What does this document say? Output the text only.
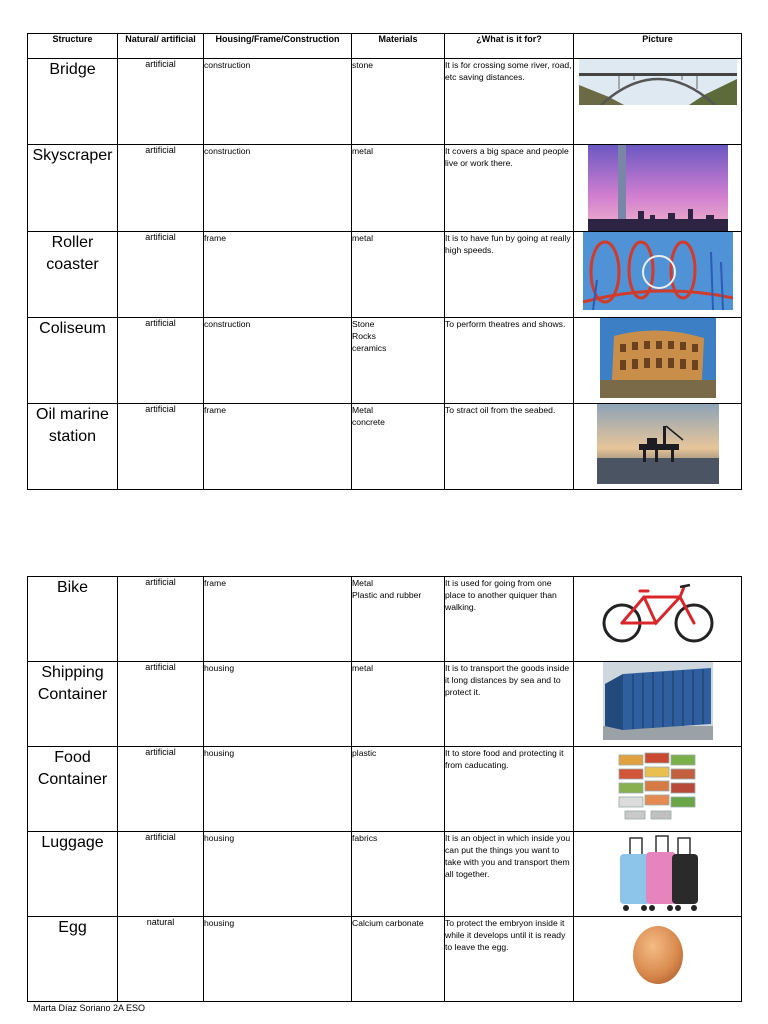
Structure	Natural/ artificial	Housing/Frame/Construction	Materials	¿What is it for?	Picture
Bridge	artificial	construction	stone	It is for crossing some river, road, etc saving distances.	

Skyscraper	artificial	construction	metal	It covers a big space and people live or work there.	

Roller coaster	artificial	frame	metal	It is to have fun by going at really high speeds.	

Coliseum	artificial	construction	Stone
Rocks
ceramics	To perform theatres and shows.	

Oil marine station	artificial	frame	Metal
concrete	To stract oil from the seabed.	
Bike	artificial	frame	Metal
Plastic and rubber	It is used for going from one place to another quiquer than walking.	

Shipping Container	artificial	housing	metal	It is to transport the goods inside it long distances by sea and to protect it.	

Food Container	artificial	housing	plastic	It to store food and protecting it from caducating.	

Luggage	artificial	housing	fabrics	It is an object in which inside you can put the things you want to take with you and transport them all together.	

Egg	natural	housing	Calcium carbonate	To protect the embryon inside it while it develops until it is ready to leave the egg.	
Marta Díaz Soriano 2A ESO
